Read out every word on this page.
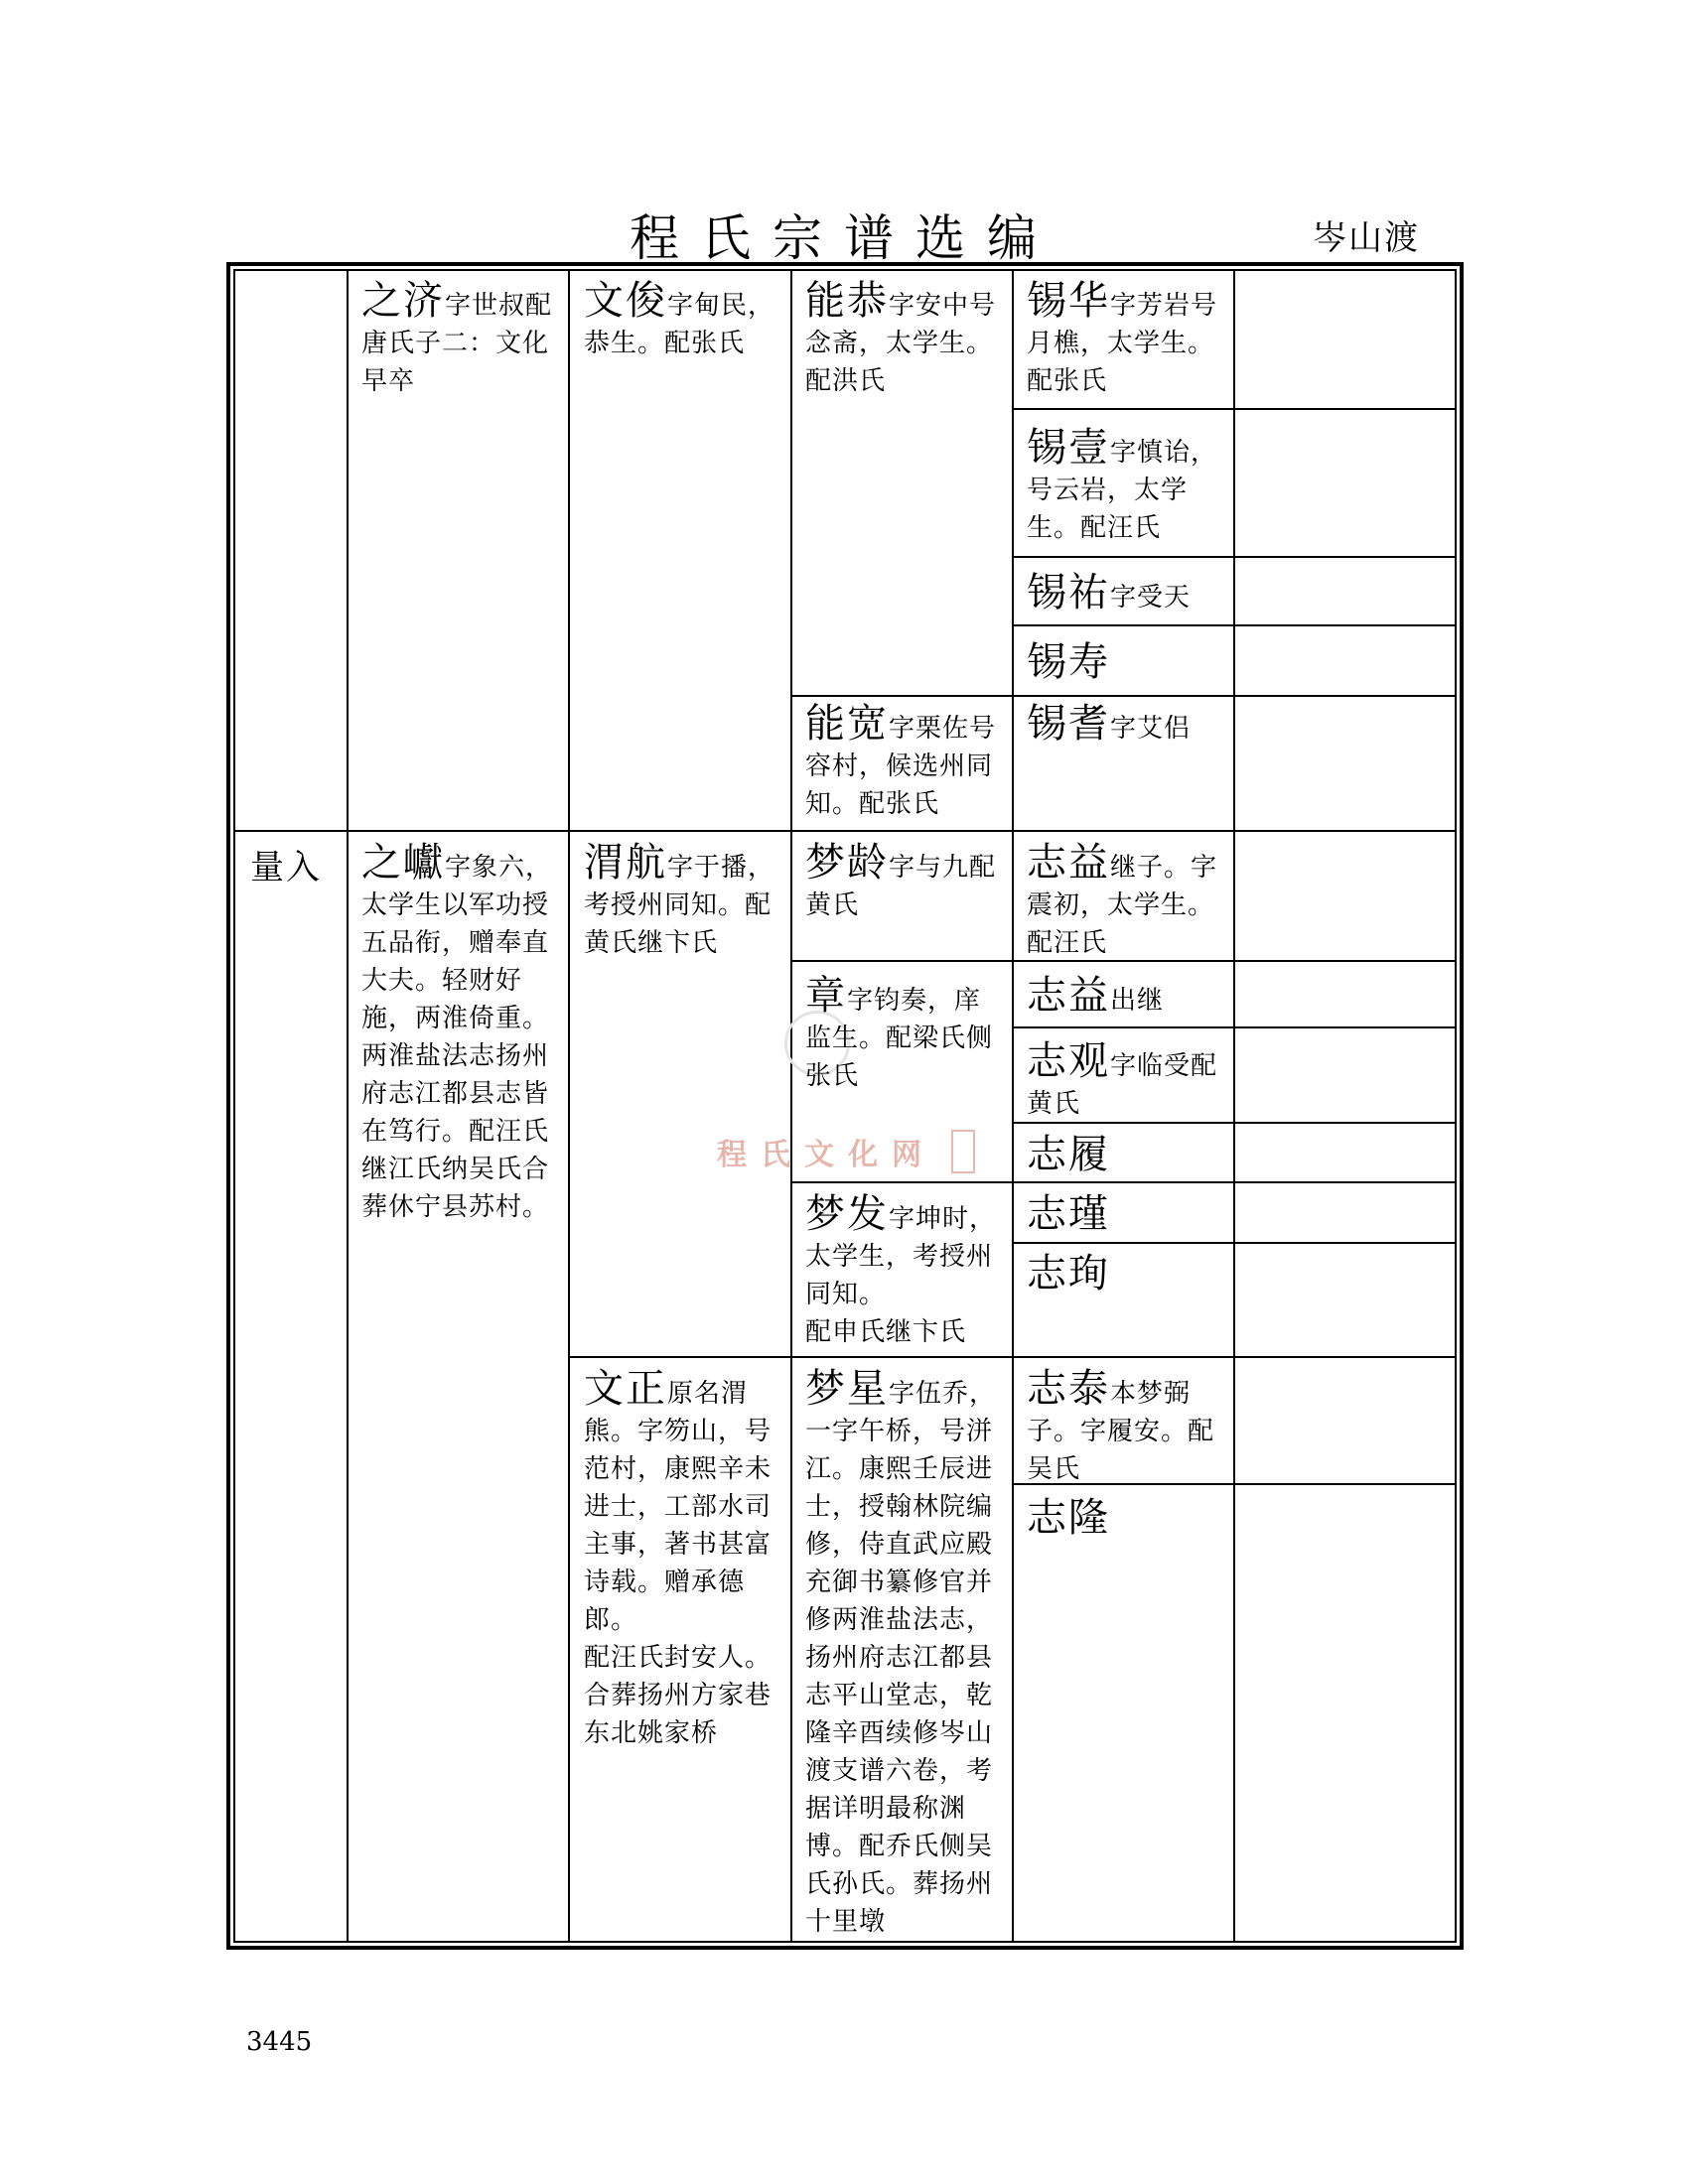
程氏宗谱选编	岑山渡
程氏文化网
量入
之济字世叔配唐氏子二：文化早卒
文俊字甸民，恭生。配张氏
能恭字安中号念斋，太学生。配洪氏
锡华字芳岩号月樵，太学生。配张氏
锡壹字慎诒，号云岩，太学生。配汪氏
锡祐字受天
锡寿
能宽字栗佐号容村，候选州同知。配张氏
锡耆字艾侣
之巘字象六，太学生以军功授五品衔，赠奉直大夫。轻财好施，两淮倚重。两淮盐法志扬州府志江都县志皆在笃行。配汪氏继江氏纳吴氏合葬休宁县苏村。
渭航字于播，考授州同知。配黄氏继卞氏
梦龄字与九配黄氏
志益继子。字震初，太学生。配汪氏
章字钧奏，庠监生。配梁氏侧张氏
志益出继
志观字临受配黄氏
志履
梦发字坤时，太学生，考授州同知。
配申氏继卞氏
志瑾
志珣
文正原名渭熊。字笏山，号范村，康熙辛未进士，工部水司主事，著书甚富诗载。赠承德郎。
配汪氏封安人。合葬扬州方家巷东北姚家桥
梦星字伍乔，一字午桥，号洴江。康熙壬辰进士，授翰林院编修，侍直武应殿充御书纂修官并修两淮盐法志，扬州府志江都县志平山堂志，乾隆辛酉续修岑山渡支谱六卷，考据详明最称渊博。配乔氏侧吴氏孙氏。葬扬州十里墩
志泰本梦弼子。字履安。配吴氏
志隆
3445
